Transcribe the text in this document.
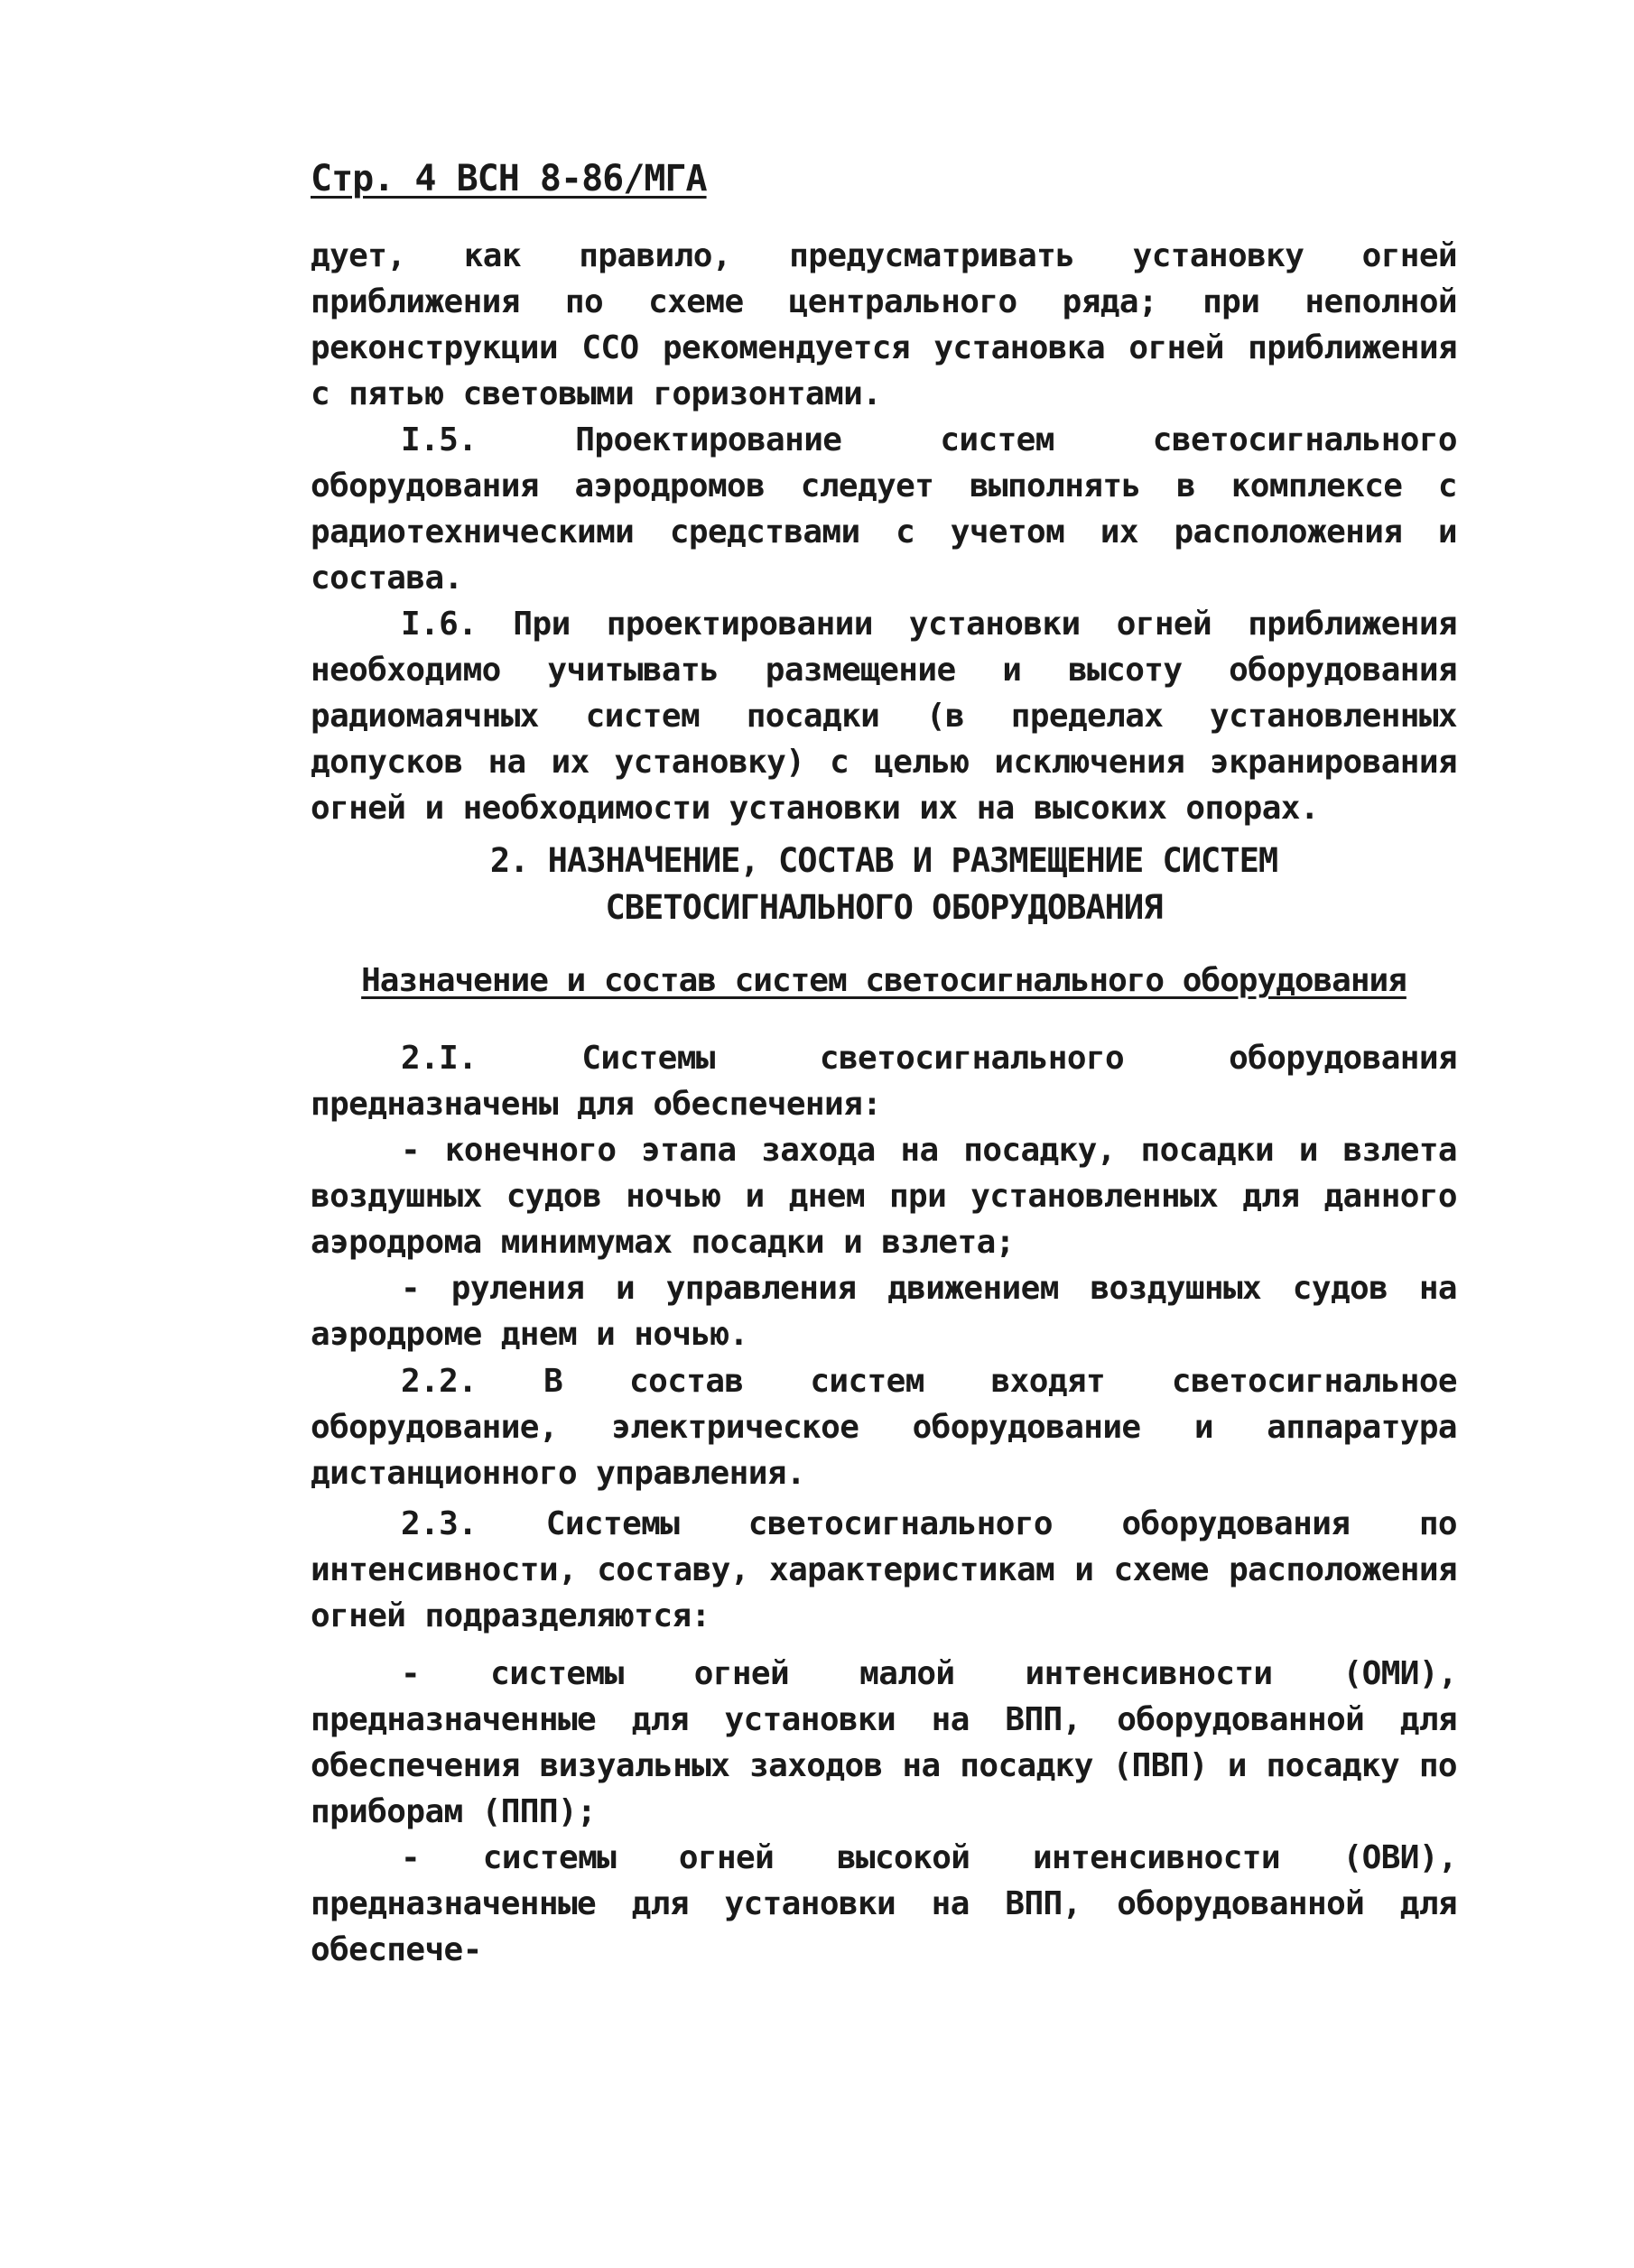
Стр. 4 ВСН 8-86/МГА

дует, как правило, предусматривать установку огней приближения по схеме центрального ряда; при неполной реконструкции ССО рекомендуется установка огней приближения с пятью световыми горизонтами.

I.5. Проектирование систем светосигнального оборудования аэродромов следует выполнять в комплексе с радиотехническими средствами с учетом их расположения и состава.

I.6. При проектировании установки огней приближения необходимо учитывать размещение и высоту оборудования радиомаячных систем посадки (в пределах установленных допусков на их установку) с целью исключения экранирования огней и необходимости установки их на высоких опорах.

2. НАЗНАЧЕНИЕ, СОСТАВ И РАЗМЕЩЕНИЕ СИСТЕМ
СВЕТОСИГНАЛЬНОГО ОБОРУДОВАНИЯ
Назначение и состав систем светосигнального оборудования

2.I. Системы светосигнального оборудования предназначены для обеспечения:

- конечного этапа захода на посадку, посадки и взлета воздушных судов ночью и днем при установленных для данного аэродрома минимумах посадки и взлета;

- руления и управления движением воздушных судов на аэродроме днем и ночью.

2.2. В состав систем входят светосигнальное оборудование, электрическое оборудование и аппаратура дистанционного управления.

2.3. Системы светосигнального оборудования по интенсивности, составу, характеристикам и схеме расположения огней подразделяются:

- системы огней малой интенсивности (ОМИ), предназначенные для установки на ВПП, оборудованной для обеспечения визуальных заходов на посадку (ПВП) и посадку по приборам (ППП);

- системы огней высокой интенсивности (ОВИ), предназначенные для установки на ВПП, оборудованной для обеспече-
